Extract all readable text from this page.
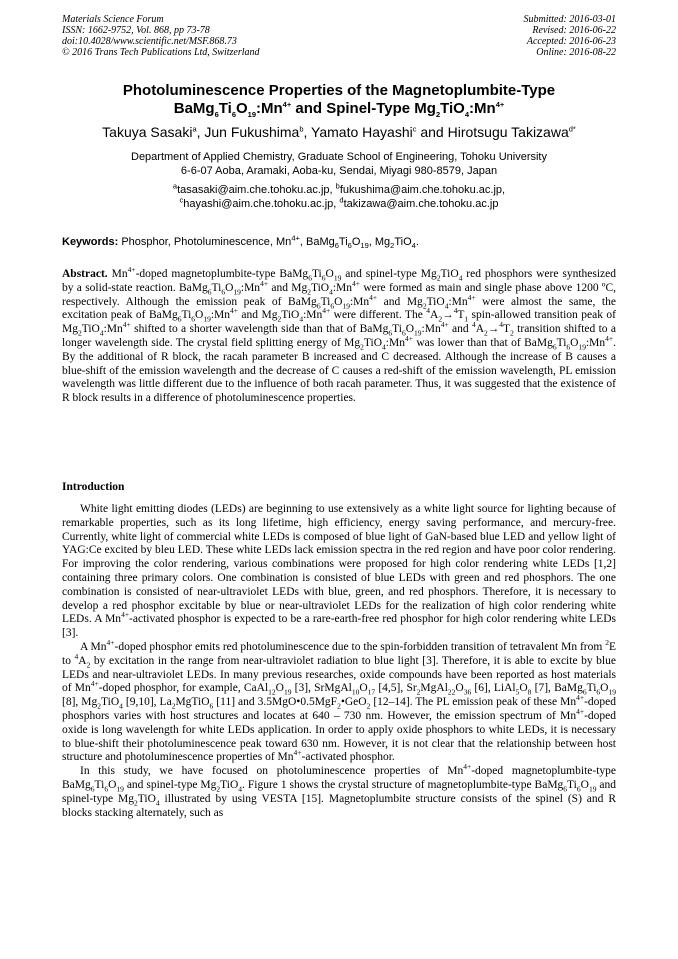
Materials Science Forum
ISSN: 1662-9752, Vol. 868, pp 73-78
doi:10.4028/www.scientific.net/MSF.868.73
© 2016 Trans Tech Publications Ltd, Switzerland
Submitted: 2016-03-01
Revised: 2016-06-22
Accepted: 2016-06-23
Online: 2016-08-22
Photoluminescence Properties of the Magnetoplumbite-Type
$BaMg_6Ti_6O_{19}:Mn^{4+}$ and Spinel-Type $Mg_2TiO_4:Mn^{4+}$
Takuya Sasaki$^a$, Jun Fukushima$^b$, Yamato Hayashi$^c$ and Hirotsugu Takizawa$^{d*}$
Department of Applied Chemistry, Graduate School of Engineering, Tohoku University
6-6-07 Aoba, Aramaki, Aoba-ku, Sendai, Miyagi 980-8579, Japan
$^a$tasasaki@aim.che.tohoku.ac.jp, $^b$fukushima@aim.che.tohoku.ac.jp,
$^c$hayashi@aim.che.tohoku.ac.jp, $^d$takizawa@aim.che.tohoku.ac.jp
Keywords: Phosphor, Photoluminescence, $Mn^{4+}$, $BaMg_6Ti_6O_{19}$, $Mg_2TiO_4$.
Abstract. $Mn^{4+}$-doped magnetoplumbite-type $BaMg_6Ti_6O_{19}$ and spinel-type $Mg_2TiO_4$ red phosphors were synthesized by a solid-state reaction. $BaMg_6Ti_6O_{19}:Mn^{4+}$ and $Mg_2TiO_4:Mn^{4+}$ were formed as main and single phase above 1200 ºC, respectively. Although the emission peak of $BaMg_6Ti_6O_{19}:Mn^{4+}$ and $Mg_2TiO_4:Mn^{4+}$ were almost the same, the excitation peak of $BaMg_6Ti_6O_{19}:Mn^{4+}$ and $Mg_2TiO_4:Mn^{4+}$ were different. The $^4A_2\to^4T_1$ spin-allowed transition peak of $Mg_2TiO_4:Mn^{4+}$ shifted to a shorter wavelength side than that of $BaMg_6Ti_6O_{19}:Mn^{4+}$ and $^4A_2\to^4T_2$ transition shifted to a longer wavelength side. The crystal field splitting energy of $Mg_2TiO_4:Mn^{4+}$ was lower than that of $BaMg_6Ti_6O_{19}:Mn^{4+}$. By the additional of R block, the racah parameter B increased and C decreased. Although the increase of B causes a blue-shift of the emission wavelength and the decrease of C causes a red-shift of the emission wavelength, PL emission wavelength was little different due to the influence of both racah parameter. Thus, it was suggested that the existence of R block results in a difference of photoluminescence properties.
Introduction

White light emitting diodes (LEDs) are beginning to use extensively as a white light source for lighting because of remarkable properties, such as its long lifetime, high efficiency, energy saving performance, and mercury-free. Currently, white light of commercial white LEDs is composed of blue light of GaN-based blue LED and yellow light of YAG:Ce excited by bleu LED. These white LEDs lack emission spectra in the red region and have poor color rendering. For improving the color rendering, various combinations were proposed for high color rendering white LEDs [1,2] containing three primary colors. One combination is consisted of blue LEDs with green and red phosphors. The one combination is consisted of near-ultraviolet LEDs with blue, green, and red phosphors. Therefore, it is necessary to develop a red phosphor excitable by blue or near-ultraviolet LEDs for the realization of high color rendering white LEDs. A $Mn^{4+}$-activated phosphor is expected to be a rare-earth-free red phosphor for high color rendering white LEDs [3].

A $Mn^{4+}$-doped phosphor emits red photoluminescence due to the spin-forbidden transition of tetravalent Mn from $^2$E to $^4A_2$ by excitation in the range from near-ultraviolet radiation to blue light [3]. Therefore, it is able to excite by blue LEDs and near-ultraviolet LEDs. In many previous researches, oxide compounds have been reported as host materials of $Mn^{4+}$-doped phosphor, for example, $CaAl_{12}O_{19}$ [3], $SrMgAl_{10}O_{17}$ [4,5], $Sr_2MgAl_{22}O_{36}$ [6], $LiAl_5O_8$ [7], $BaMg_6Ti_6O_{19}$ [8], $Mg_2TiO_4$ [9,10], $La_2MgTiO_6$ [11] and 3.5MgO•0.5MgF$_2$•GeO$_2$ [12–14]. The PL emission peak of these $Mn^{4+}$-doped phosphors varies with host structures and locates at 640 – 730 nm. However, the emission spectrum of $Mn^{4+}$-doped oxide is long wavelength for white LEDs application. In order to apply oxide phosphors to white LEDs, it is necessary to blue-shift their photoluminescence peak toward 630 nm. However, it is not clear that the relationship between host structure and photoluminescence properties of $Mn^{4+}$-activated phosphor.

In this study, we have focused on photoluminescence properties of $Mn^{4+}$-doped magnetoplumbite-type $BaMg_6Ti_6O_{19}$ and spinel-type $Mg_2TiO_4$. Figure 1 shows the crystal structure of magnetoplumbite-type $BaMg_6Ti_6O_{19}$ and spinel-type $Mg_2TiO_4$ illustrated by using VESTA [15]. Magnetoplumbite structure consists of the spinel (S) and R blocks stacking alternately, such as
